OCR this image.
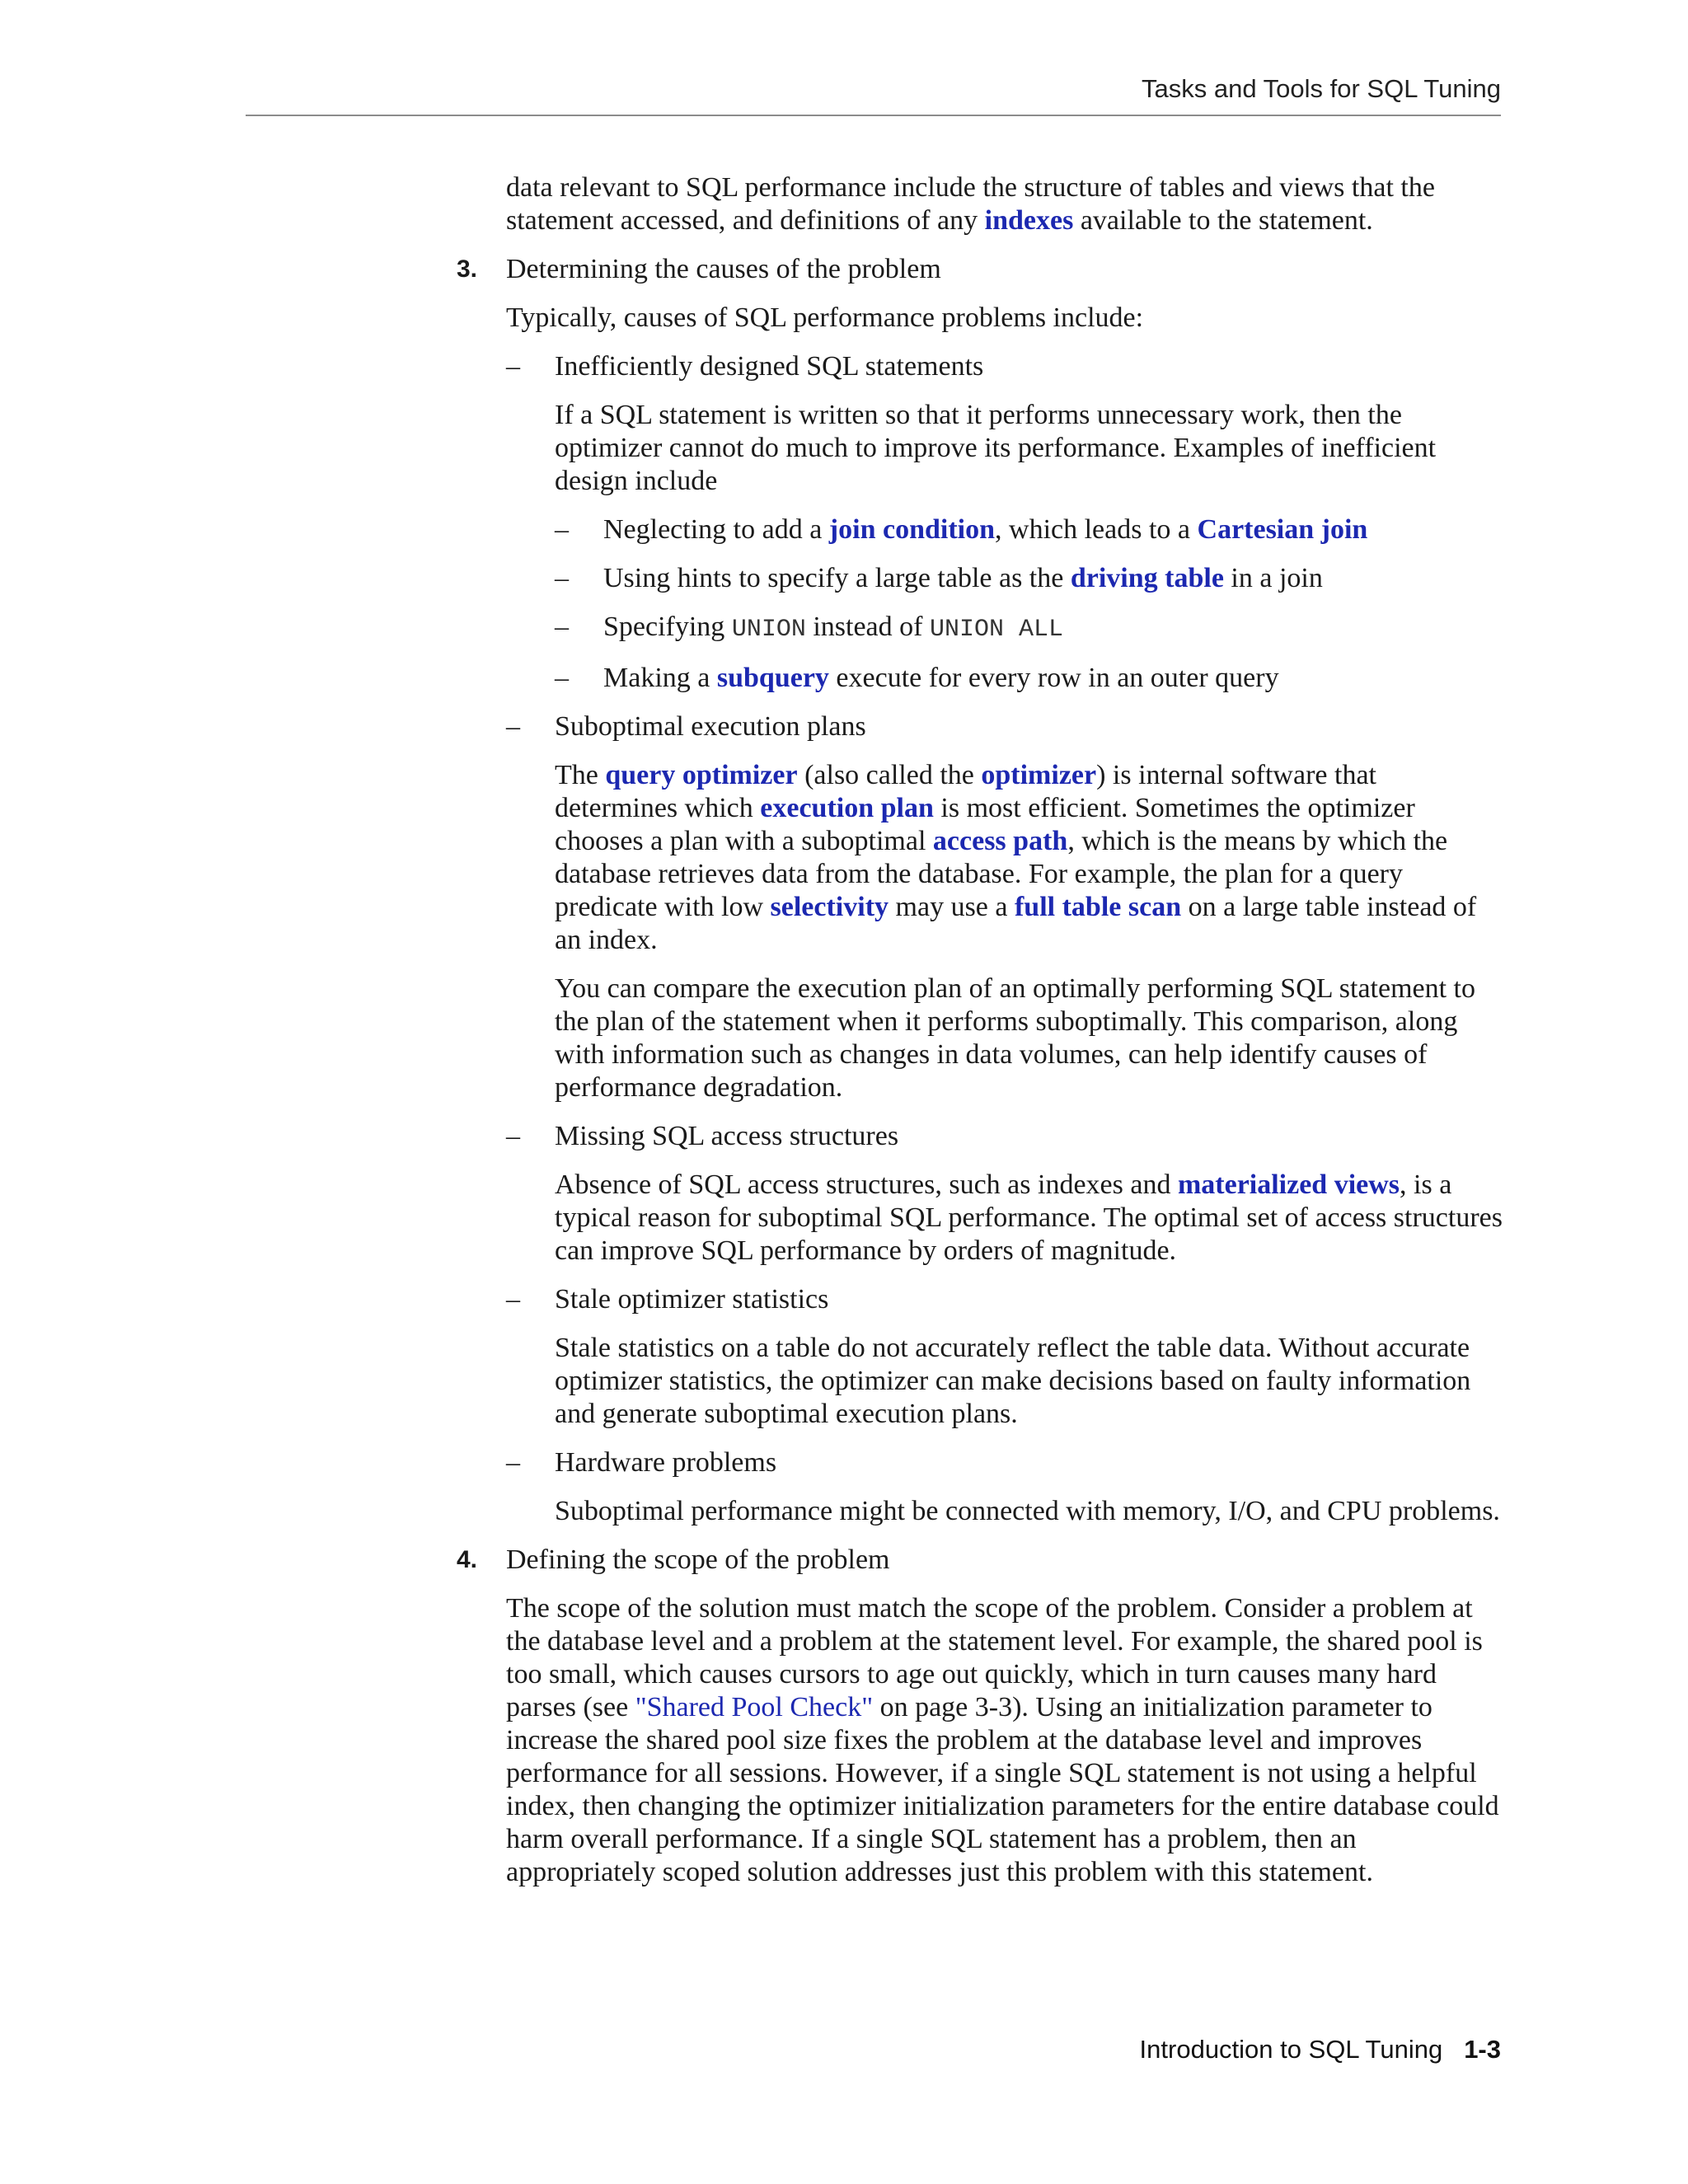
Tasks and Tools for SQL Tuning

data relevant to SQL performance include the structure of tables and views that the statement accessed, and definitions of any indexes available to the statement.

3. Determining the causes of the problem

Typically, causes of SQL performance problems include:

– Inefficiently designed SQL statements

If a SQL statement is written so that it performs unnecessary work, then the optimizer cannot do much to improve its performance. Examples of inefficient design include

– Neglecting to add a join condition, which leads to a Cartesian join

– Using hints to specify a large table as the driving table in a join

– Specifying UNION instead of UNION ALL

– Making a subquery execute for every row in an outer query

– Suboptimal execution plans

The query optimizer (also called the optimizer) is internal software that determines which execution plan is most efficient. Sometimes the optimizer chooses a plan with a suboptimal access path, which is the means by which the database retrieves data from the database. For example, the plan for a query predicate with low selectivity may use a full table scan on a large table instead of an index.

You can compare the execution plan of an optimally performing SQL statement to the plan of the statement when it performs suboptimally. This comparison, along with information such as changes in data volumes, can help identify causes of performance degradation.

– Missing SQL access structures

Absence of SQL access structures, such as indexes and materialized views, is a typical reason for suboptimal SQL performance. The optimal set of access structures can improve SQL performance by orders of magnitude.

– Stale optimizer statistics

Stale statistics on a table do not accurately reflect the table data. Without accurate optimizer statistics, the optimizer can make decisions based on faulty information and generate suboptimal execution plans.

– Hardware problems

Suboptimal performance might be connected with memory, I/O, and CPU problems.

4. Defining the scope of the problem

The scope of the solution must match the scope of the problem. Consider a problem at the database level and a problem at the statement level. For example, the shared pool is too small, which causes cursors to age out quickly, which in turn causes many hard parses (see "Shared Pool Check" on page 3-3). Using an initialization parameter to increase the shared pool size fixes the problem at the database level and improves performance for all sessions. However, if a single SQL statement is not using a helpful index, then changing the optimizer initialization parameters for the entire database could harm overall performance. If a single SQL statement has a problem, then an appropriately scoped solution addresses just this problem with this statement.

Introduction to SQL Tuning 1-3
